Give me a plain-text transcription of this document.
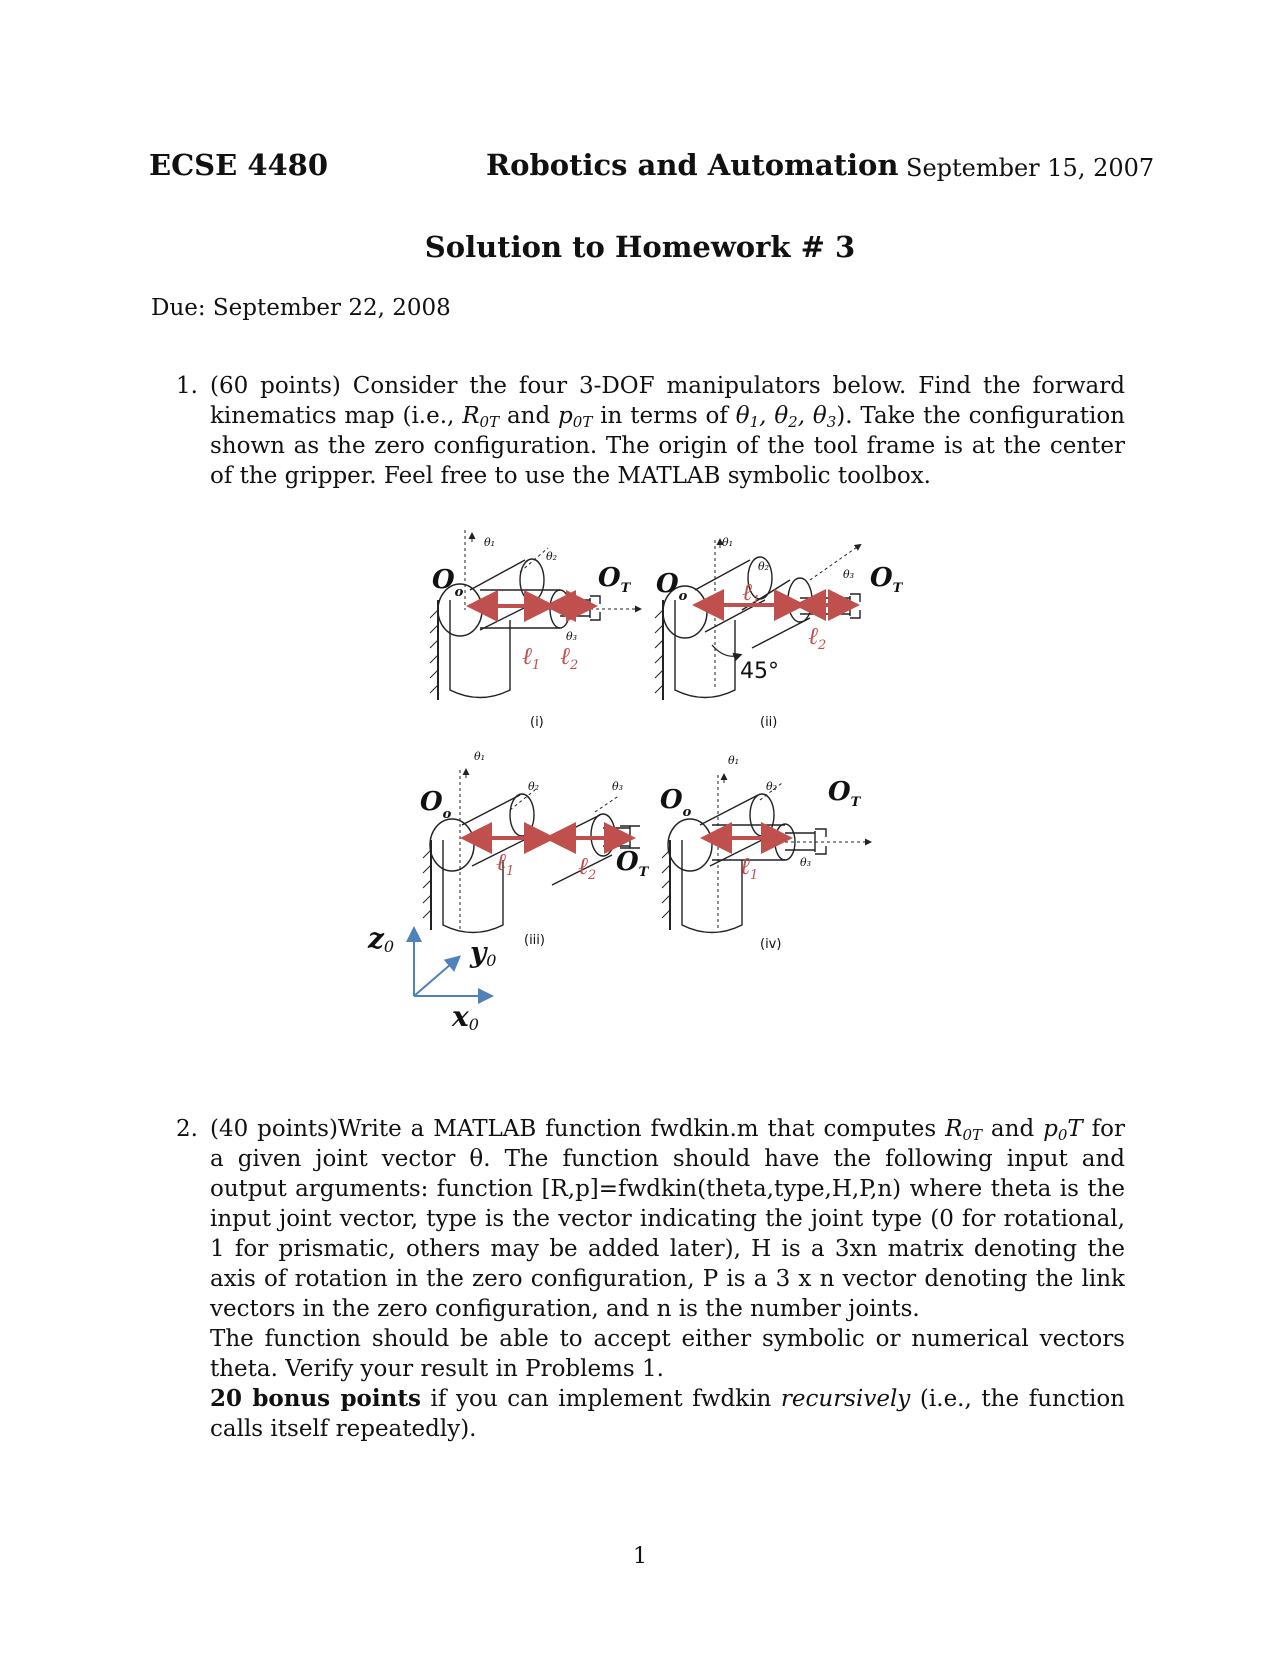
ECSE 4480	Robotics and Automation September 15, 2007
Solution to Homework # 3
Due: September 22, 2008
1. (60 points) Consider the four 3-DOF manipulators below. Find the forward kinematics map (i.e., $R_{0T}$ and $p_{0T}$ in terms of $\theta_1$, $\theta_2$, $\theta_3$). Take the configuration shown as the zero configuration. The origin of the tool frame is at the center of the gripper. Feel free to use the MATLAB symbolic toolbox.
$O_o$	$O_T$
θ₁
θ₂
θ₃
ℓ$_1$ ℓ$_2$
(i)
$O_o$
$O_T$
θ₁
θ₂
θ₃
ℓ$_1$
ℓ$_2$
45°
(ii)
$O_o$
$O_T$
θ₁
θ₂	θ₃
ℓ$_1$	ℓ$_2$
(iii)
$O_o$
$O_T$
θ₁
θ₂
θ₃
ℓ$_1$
(iv)
z0	y0
x0
2. (40 points)Write a MATLAB function fwdkin.m that computes $R_{0T}$ and $p_0T$ for a given joint vector θ. The function should have the following input and output arguments: function [R,p]=fwdkin(theta,type,H,P,n) where theta is the input joint vector, type is the vector indicating the joint type (0 for rotational, 1 for prismatic, others may be added later), H is a 3xn matrix denoting the axis of rotation in the zero configuration, P is a 3 x n vector denoting the link vectors in the zero configuration, and n is the number joints.
The function should be able to accept either symbolic or numerical vectors theta. Verify your result in Problems 1.
20 bonus points if you can implement fwdkin recursively (i.e., the function calls itself repeatedly).
1
